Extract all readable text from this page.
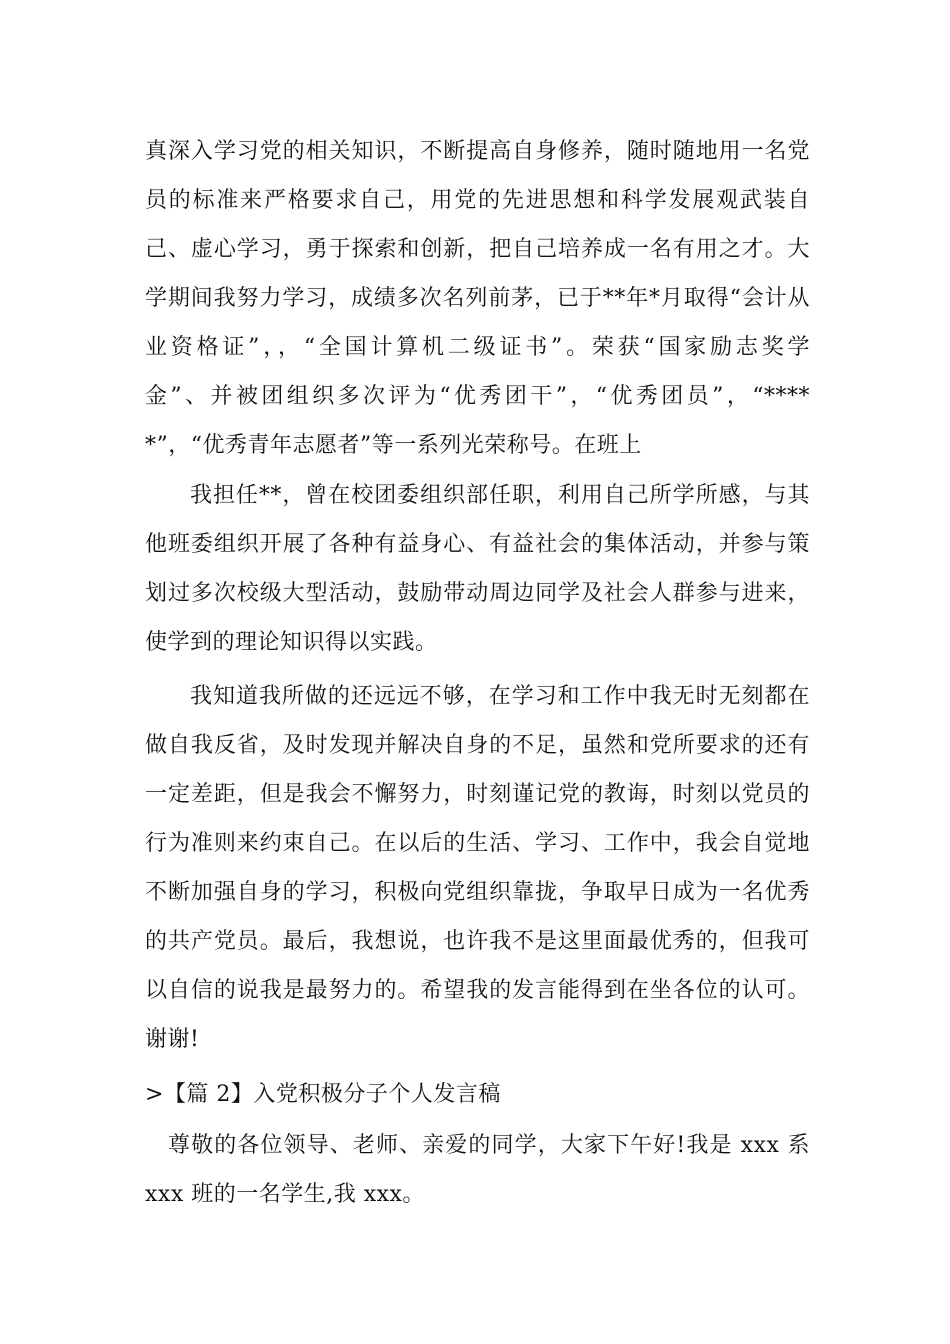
真深入学习党的相关知识，不断提高自身修养，随时随地用一名党
员的标准来严格要求自己，用党的先进思想和科学发展观武装自
己、虚心学习，勇于探索和创新，把自己培养成一名有用之才。大
学期间我努力学习，成绩多次名列前茅，已于**年*月取得“会计从
业资格证”，，“全国计算机二级证书”。荣获“国家励志奖学
金”、并被团组织多次评为“优秀团干”，“优秀团员”，“****
*”，“优秀青年志愿者”等一系列光荣称号。在班上
我担任**，曾在校团委组织部任职，利用自己所学所感，与其
他班委组织开展了各种有益身心、有益社会的集体活动，并参与策
划过多次校级大型活动，鼓励带动周边同学及社会人群参与进来，
使学到的理论知识得以实践。
我知道我所做的还远远不够，在学习和工作中我无时无刻都在
做自我反省，及时发现并解决自身的不足，虽然和党所要求的还有
一定差距，但是我会不懈努力，时刻谨记党的教诲，时刻以党员的
行为准则来约束自己。在以后的生活、学习、工作中，我会自觉地
不断加强自身的学习，积极向党组织靠拢，争取早日成为一名优秀
的共产党员。最后，我想说，也许我不是这里面最优秀的，但我可
以自信的说我是最努力的。希望我的发言能得到在坐各位的认可。
谢谢!
>【篇 2】入党积极分子个人发言稿
尊敬的各位领导、老师、亲爱的同学，大家下午好!我是 xxx 系
xxx 班的一名学生,我 xxx。
